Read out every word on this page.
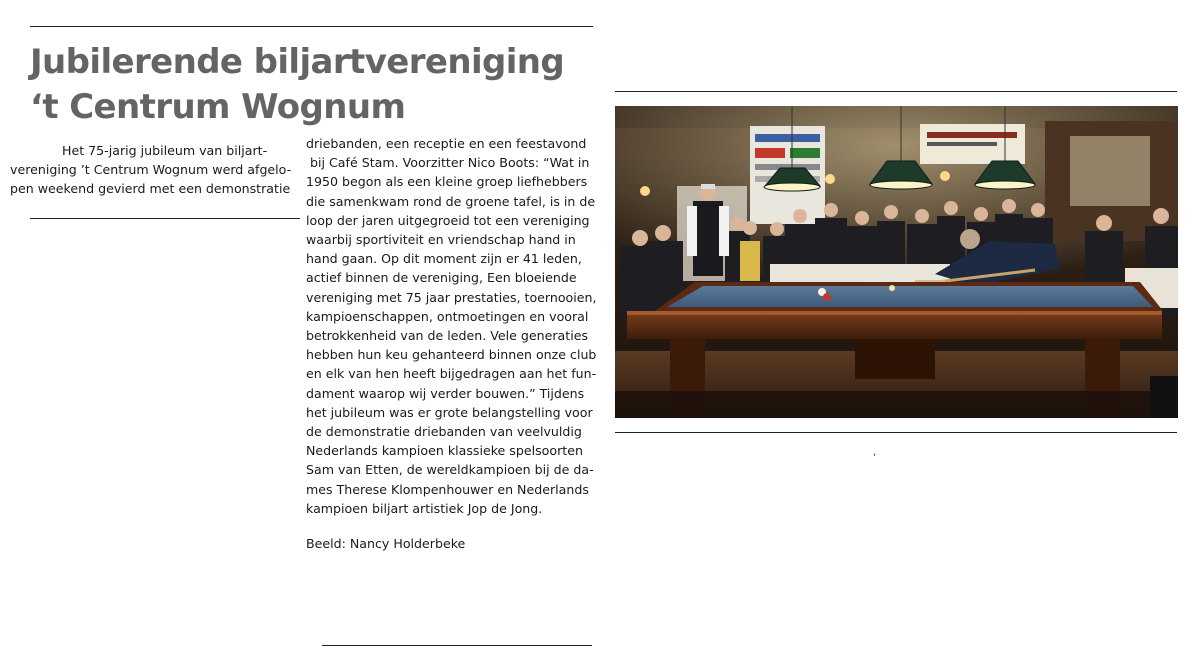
Jubilerende biljartvereniging
‘t Centrum Wognum

Het 75-jarig jubileum van biljart-
vereniging ’t Centrum Wognum werd afgelo-
pen weekend gevierd met een demonstratie

driebanden, een receptie en een feestavond
bij Café Stam. Voorzitter Nico Boots: “Wat in
1950 begon als een kleine groep liefhebbers
die samenkwam rond de groene tafel, is in de
loop der jaren uitgegroeid tot een vereniging
waarbij sportiviteit en vriendschap hand in
hand gaan. Op dit moment zijn er 41 leden,
actief binnen de vereniging, Een bloeiende
vereniging met 75 jaar prestaties, toernooien,
kampioenschappen, ontmoetingen en vooral
betrokkenheid van de leden. Vele generaties
hebben hun keu gehanteerd binnen onze club
en elk van hen heeft bijgedragen aan het fun-
dament waarop wij verder bouwen.” Tijdens
het jubileum was er grote belangstelling voor
de demonstratie driebanden van veelvuldig
Nederlands kampioen klassieke spelsoorten
Sam van Etten, de wereldkampioen bij de da-
mes Therese Klompenhouwer en Nederlands
kampioen biljart artistiek Jop de Jong.

Beeld: Nancy Holderbeke
,
